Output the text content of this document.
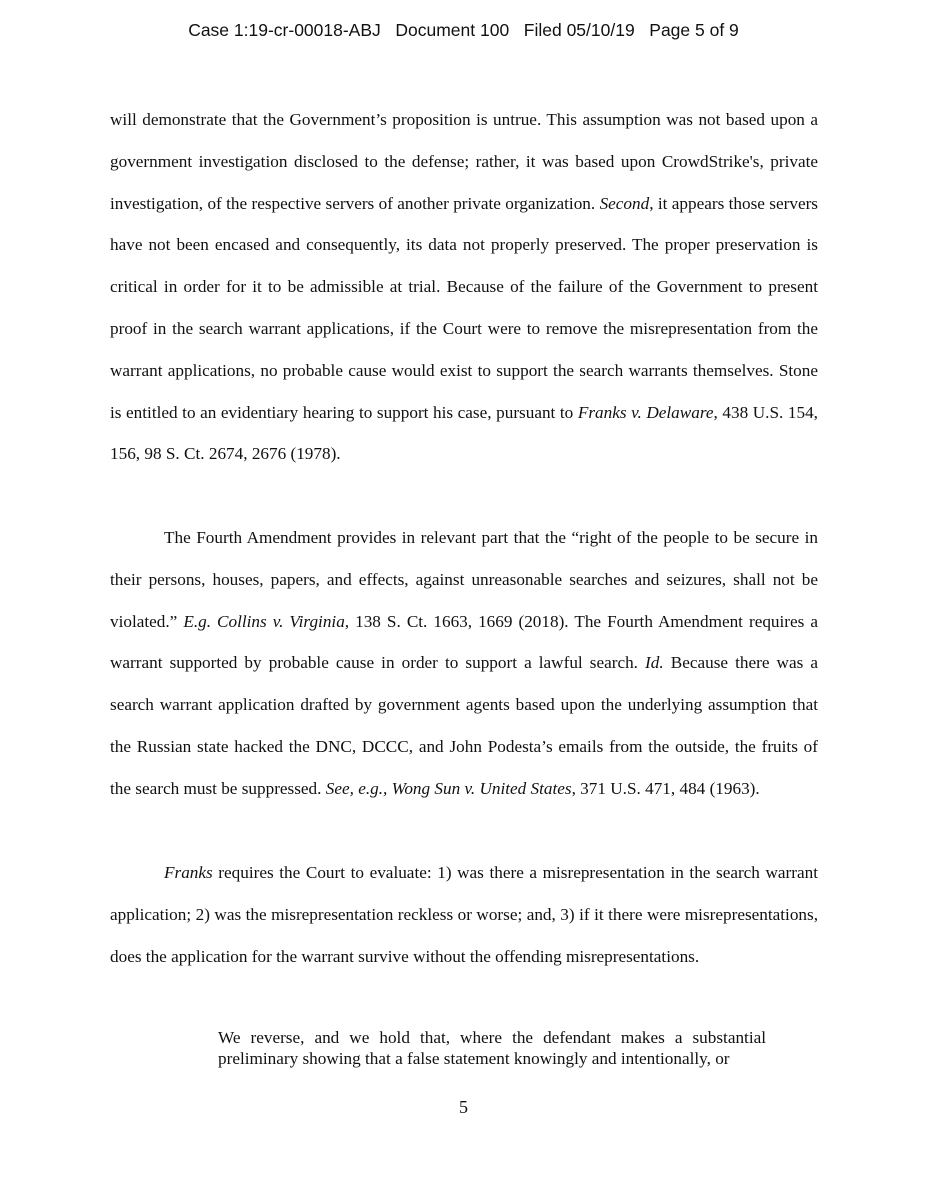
Case 1:19-cr-00018-ABJ   Document 100   Filed 05/10/19   Page 5 of 9

will demonstrate that the Government’s proposition is untrue. This assumption was not based upon a government investigation disclosed to the defense; rather, it was based upon CrowdStrike's, private investigation, of the respective servers of another private organization. Second, it appears those servers have not been encased and consequently, its data not properly preserved. The proper preservation is critical in order for it to be admissible at trial. Because of the failure of the Government to present proof in the search warrant applications, if the Court were to remove the misrepresentation from the warrant applications, no probable cause would exist to support the search warrants themselves. Stone is entitled to an evidentiary hearing to support his case, pursuant to Franks v. Delaware, 438 U.S. 154, 156, 98 S. Ct. 2674, 2676 (1978).

The Fourth Amendment provides in relevant part that the “right of the people to be secure in their persons, houses, papers, and effects, against unreasonable searches and seizures, shall not be violated.” E.g. Collins v. Virginia, 138 S. Ct. 1663, 1669 (2018). The Fourth Amendment requires a warrant supported by probable cause in order to support a lawful search. Id. Because there was a search warrant application drafted by government agents based upon the underlying assumption that the Russian state hacked the DNC, DCCC, and John Podesta’s emails from the outside, the fruits of the search must be suppressed. See, e.g., Wong Sun v. United States, 371 U.S. 471, 484 (1963).

Franks requires the Court to evaluate: 1) was there a misrepresentation in the search warrant application; 2) was the misrepresentation reckless or worse; and, 3) if it there were misrepresentations, does the application for the warrant survive without the offending misrepresentations.

We reverse, and we hold that, where the defendant makes a substantial preliminary showing that a false statement knowingly and intentionally, or
5
